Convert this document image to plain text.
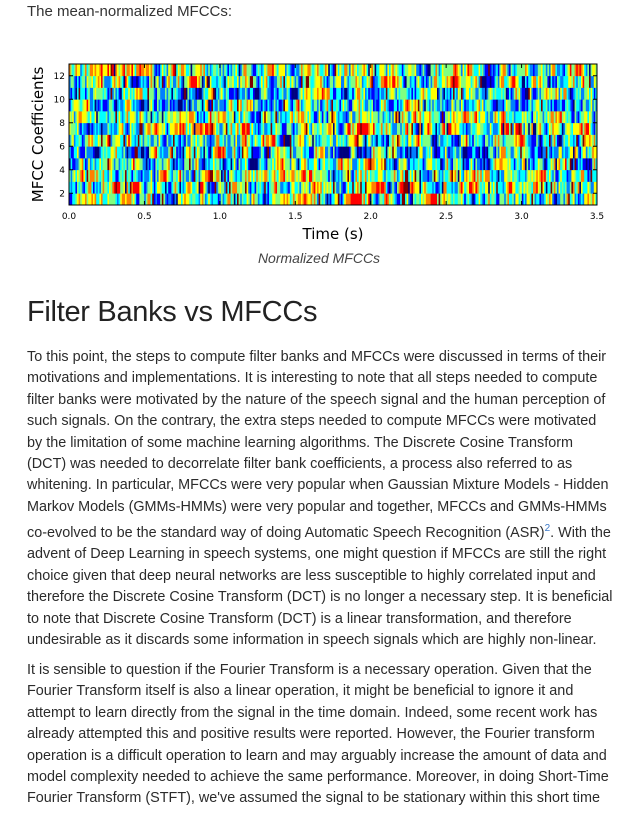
The mean-normalized MFCCs:
0.0	0.5	1.0	1.5	2.0	2.5	3.0	3.5
2
4
6
8
10
12
Time (s)
MFCC Coefficients
Normalized MFCCs
Filter Banks vs MFCCs

To this point, the steps to compute filter banks and MFCCs were discussed in terms of their motivations and implementations. It is interesting to note that all steps needed to compute filter banks were motivated by the nature of the speech signal and the human perception of such signals. On the contrary, the extra steps needed to compute MFCCs were motivated by the limitation of some machine learning algorithms. The Discrete Cosine Transform (DCT) was needed to decorrelate filter bank coefficients, a process also referred to as whitening. In particular, MFCCs were very popular when Gaussian Mixture Models - Hidden Markov Models (GMMs-HMMs) were very popular and together, MFCCs and GMMs-HMMs co-evolved to be the standard way of doing Automatic Speech Recognition (ASR)$^2$. With the advent of Deep Learning in speech systems, one might question if MFCCs are still the right choice given that deep neural networks are less susceptible to highly correlated input and therefore the Discrete Cosine Transform (DCT) is no longer a necessary step. It is beneficial to note that Discrete Cosine Transform (DCT) is a linear transformation, and therefore undesirable as it discards some information in speech signals which are highly non-linear.

It is sensible to question if the Fourier Transform is a necessary operation. Given that the Fourier Transform itself is also a linear operation, it might be beneficial to ignore it and attempt to learn directly from the signal in the time domain. Indeed, some recent work has already attempted this and positive results were reported. However, the Fourier transform operation is a difficult operation to learn and may arguably increase the amount of data and model complexity needed to achieve the same performance. Moreover, in doing Short-Time Fourier Transform (STFT), we've assumed the signal to be stationary within this short time
